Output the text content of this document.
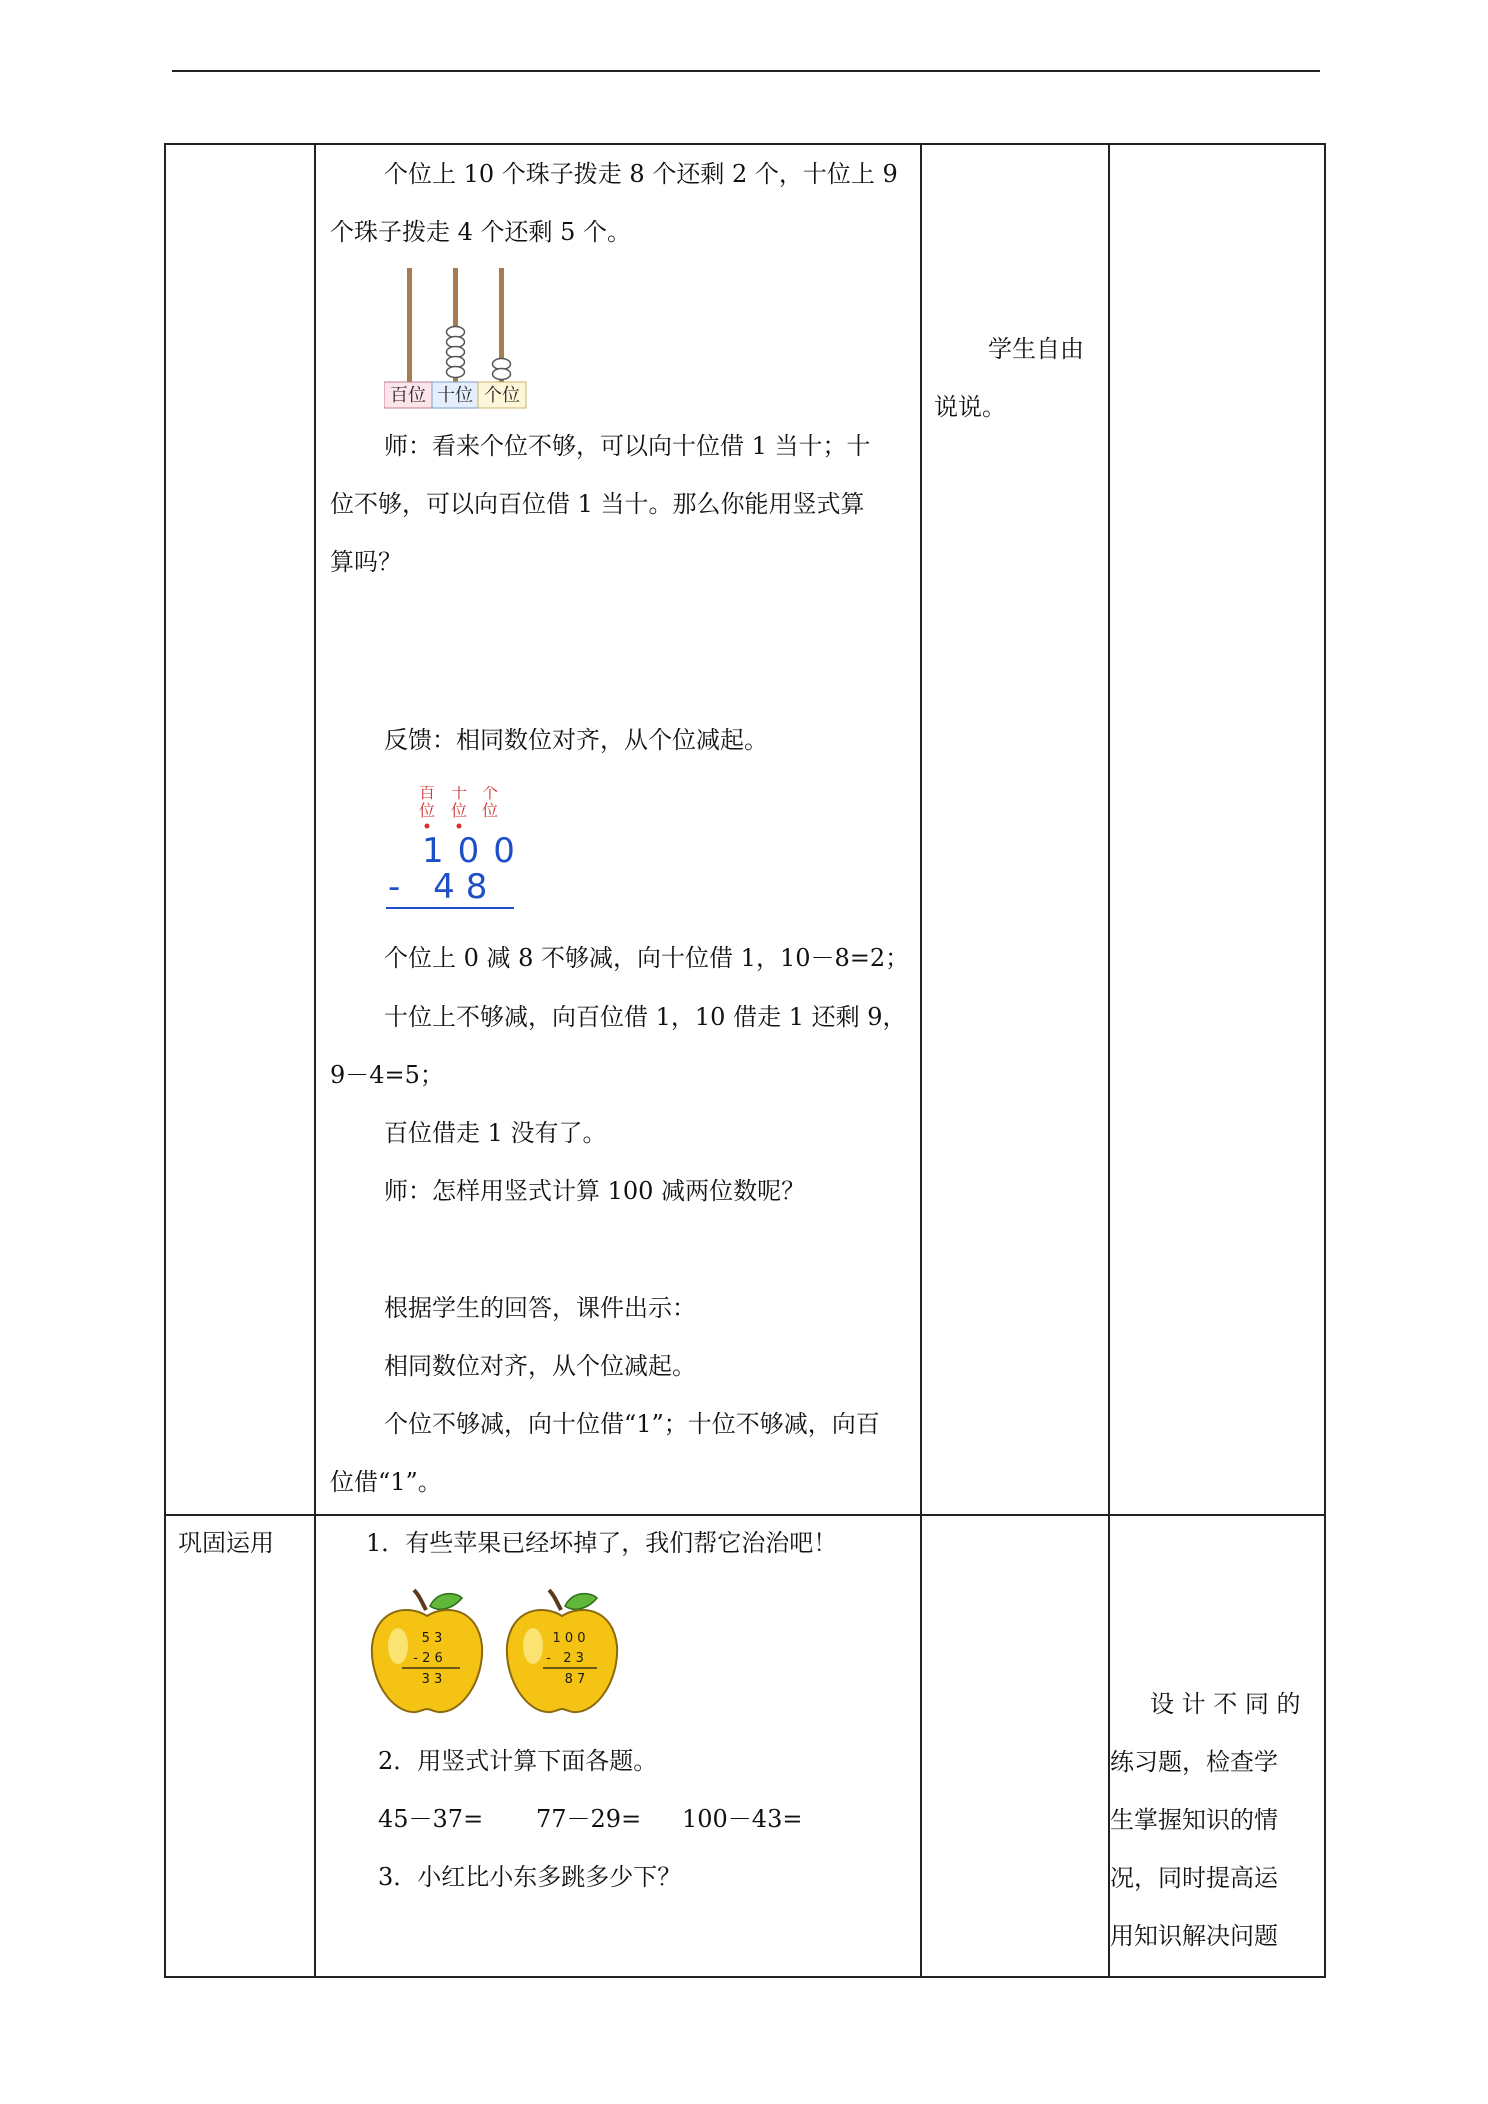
个位上 10 个珠子拨走 8 个还剩 2 个，十位上 9
个珠子拨走 4 个还剩 5 个。
百位 十位 个位
师：看来个位不够，可以向十位借 1 当十；十
位不够，可以向百位借 1 当十。那么你能用竖式算
算吗？
反馈：相同数位对齐，从个位减起。
百
位
十
位
个
位
100
- 48
个位上 0 减 8 不够减，向十位借 1，10－8=2；
十位上不够减，向百位借 1，10 借走 1 还剩 9，
9－4=5；
百位借走 1 没有了。
师：怎样用竖式计算 100 减两位数呢？
根据学生的回答，课件出示：
相同数位对齐，从个位减起。
个位不够减，向十位借“1”；十位不够减，向百
位借“1”。
学生自由
说说。
巩固运用	1．有些苹果已经坏掉了，我们帮它治治吧！
5 3
- 2 6
3 3
1 0 0
-   2 3
8 7
2．用竖式计算下面各题。
45－37= 77－29= 100－43=
3．小红比小东多跳多少下？
设 计 不 同 的
练习题，检查学
生掌握知识的情
况，同时提高运
用知识解决问题
